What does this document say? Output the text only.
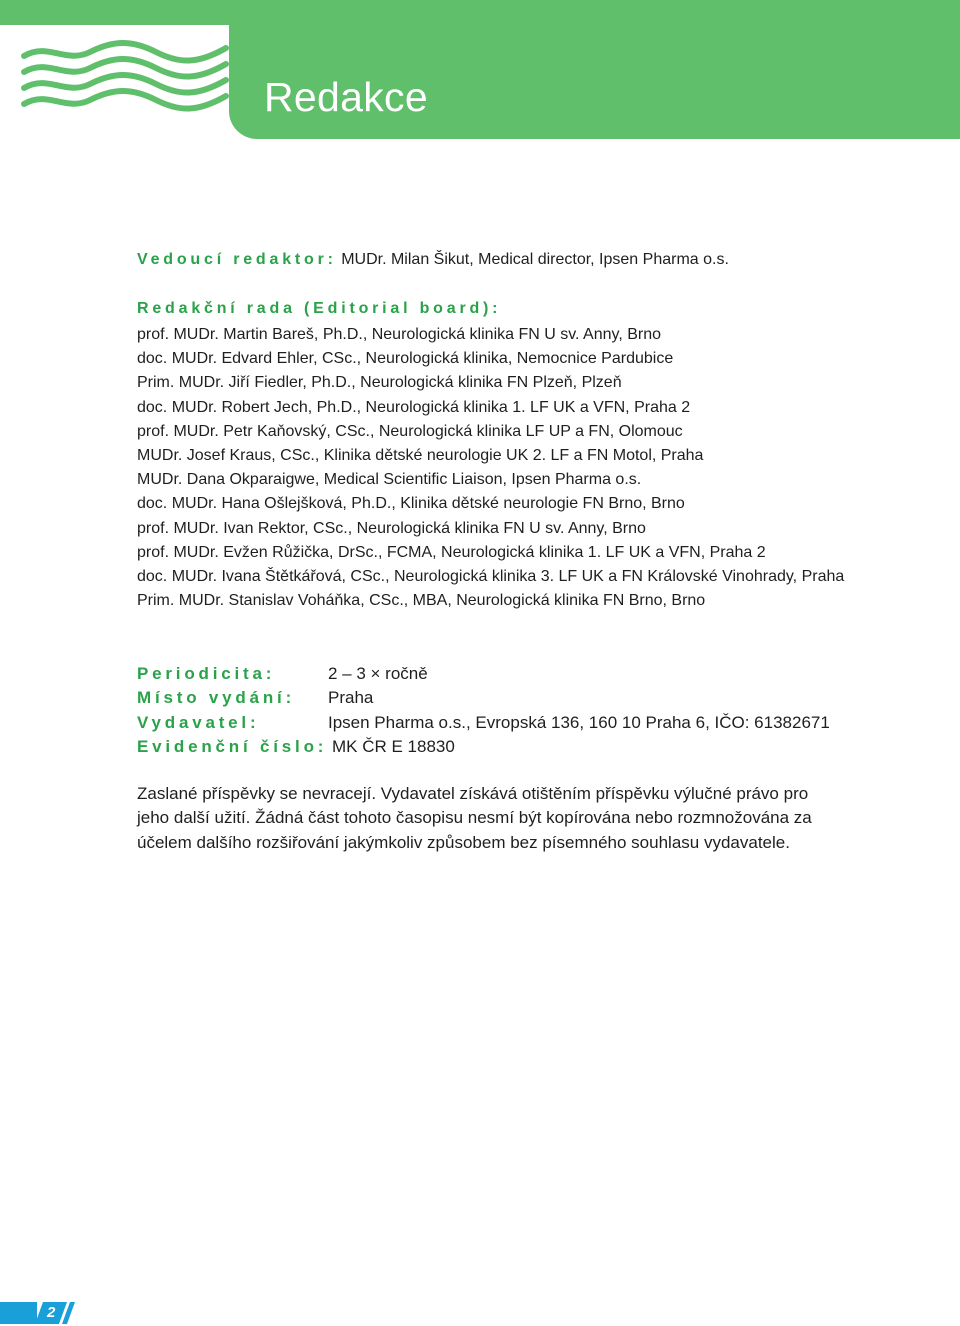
Redakce
Vedoucí redaktor: MUDr. Milan Šikut, Medical director, Ipsen Pharma o.s.
Redakční rada (Editorial board):
prof. MUDr. Martin Bareš, Ph.D., Neurologická klinika FN U sv. Anny, Brno
doc. MUDr. Edvard Ehler, CSc., Neurologická klinika, Nemocnice Pardubice
Prim. MUDr. Jiří Fiedler, Ph.D., Neurologická klinika FN Plzeň, Plzeň
doc. MUDr. Robert Jech, Ph.D., Neurologická klinika 1. LF UK a VFN, Praha 2
prof. MUDr. Petr Kaňovský, CSc., Neurologická klinika LF UP a FN, Olomouc
MUDr. Josef Kraus, CSc., Klinika dětské neurologie UK 2. LF a FN Motol, Praha
MUDr. Dana Okparaigwe, Medical Scientific Liaison, Ipsen Pharma o.s.
doc. MUDr. Hana Ošlejšková, Ph.D., Klinika dětské neurologie FN Brno, Brno
prof. MUDr. Ivan Rektor, CSc., Neurologická klinika FN U sv. Anny, Brno
prof. MUDr. Evžen Růžička, DrSc., FCMA, Neurologická klinika 1. LF UK a VFN, Praha 2
doc. MUDr. Ivana Štětkářová, CSc., Neurologická klinika 3. LF UK a FN Královské Vinohrady, Praha
Prim. MUDr. Stanislav Voháňka, CSc., MBA, Neurologická klinika FN Brno, Brno
Periodicita:	2 – 3 × ročně
Místo vydání: Praha
Vydavatel:	Ipsen Pharma o.s., Evropská 136, 160 10 Praha 6, IČO: 61382671
Evidenční číslo: MK ČR E 18830

Zaslané příspěvky se nevracejí. Vydavatel získává otištěním příspěvku výlučné právo pro jeho další užití. Žádná část tohoto časopisu nesmí být kopírována nebo rozmnožována za účelem dalšího rozšiřování jakýmkoliv způsobem bez písemného souhlasu vydavatele.

2
